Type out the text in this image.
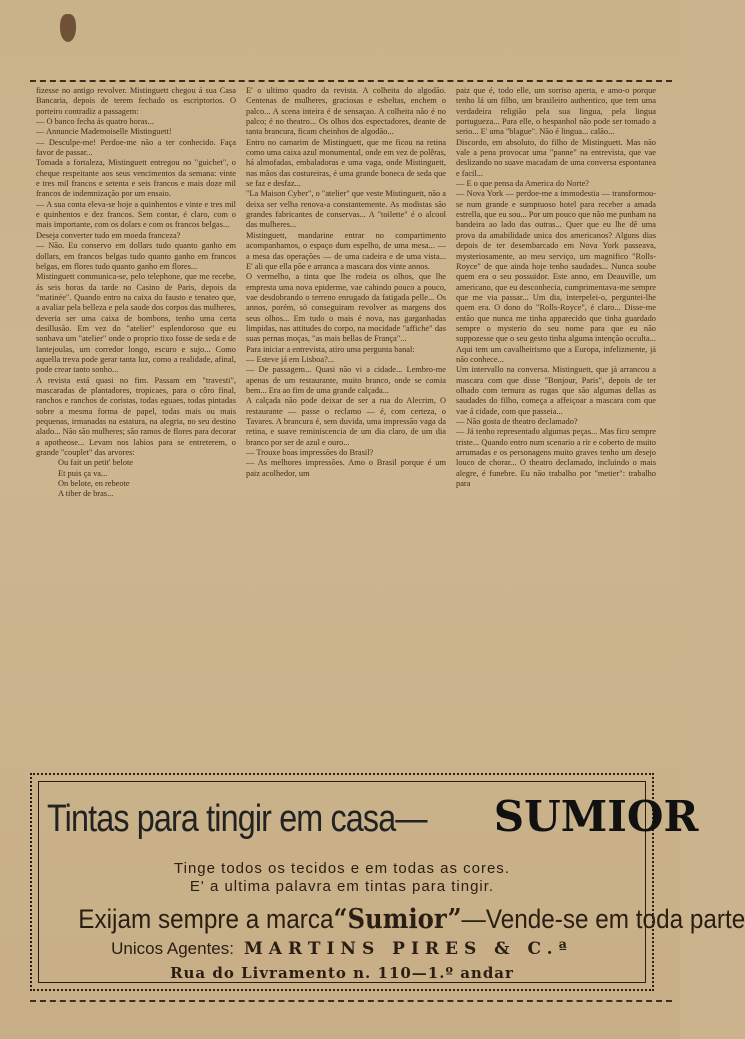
fizesse no antigo revolver. Mistinguett chegou á sua Casa Bancaria, depois de terem fechado os escriptorios. O porteiro contradiz a passagem:

— O banco fecha ás quatro horas...

— Annuncie Mademoiselle Mistinguett!

— Desculpe-me! Perdoe-me não a ter conhecido. Faça favor de passar...

Tomada a fortaleza, Mistinguett entregou no "guichet", o cheque respeitante aos seus vencimentos da semana: vinte e tres mil francos e setenta e seis francos e mais doze mil francos de indemnização por um ensaio.

— A sua conta eleva-se hoje a quinhentos e vinte e tres mil e quinhentos e dez francos. Sem contar, é claro, com o mais importante, com os dolars e com os francos belgas...

Deseja converter tudo em moeda franceza?

— Não. Eu conservo em dollars tudo quanto ganho em dollars, em francos belgas tudo quanto ganho em francos belgas, em flores tudo quanto ganho em flores...

Mistinguett communica-se, pelo telephone, que me recebe, ás seis horas da tarde no Casino de Paris, depois da "matinée". Quando entro na caixa do fausto e tenateo que, a avaliar pela belleza e pela saude dos corpos das mulheres, deveria ser uma caixa de bombons, tenho uma certa desillusão. Em vez do "atelier" esplendoroso que eu sonhava um "atelier" onde o proprio tixo fosse de seda e de lantejoulas, um corredor longo, escuro e sujo... Como aquella treva pode gerar tanta luz, como a realidade, afinal, pode crear tanto sonho...

A revista está quasi no fim. Passam em "travesti", mascaradas de plantadores, tropicaes, para o côro final, ranchos e ranchos de coristas, todas eguaes, todas pintadas sobre a mesma forma de papel, todas mais ou mais pequenas, irmanadas na estatura, na alegria, no seu destino alado... Não são mulheres; são ramos de flores para decorar a apotheose... Levam nos labios para se entreterem, o grande "couplet" das arvores:

Ou fait un petit' belote

Et puis ça va...

On belote, en rebeote

A tiber de bras...

E' o ultimo quadro da revista. A colheita do algodão. Centenas de mulheres, graciosas e esbeltas, enchem o palco... A scena inteira é de sensaçao. A colheita não é no palco; é no theatro... Os olhos dos espectadores, deante de tanta brancura, ficam cheinhos de algodão...

Entro no camarim de Mistinguett, que me ficou na retina como uma caixa azul monumental, onde em vez de polêras, há almofadas, embaladoras e uma vaga, onde Mistinguett, nas mãos das costureiras, é uma grande boneca de seda que se faz e desfaz...

"La Maison Cyber", o "atelier" que veste Mistinguett, não a deixa ser velha renova-a constantemente. As modistas são grandes fabricantes de conservas... A "toilette" é o alcool das mulheres...

Mistinguett, mandarine entrar no compartimento acompanhamos, o espaço dum espelho, de uma mesa... — a mesa das operações — de uma cadeira e de uma vista... E' ali que ella põe e arranca a mascara dos vinte annos.

O vermelho, a tinta que lhe rodeia os olhos, que lhe empresta uma nova epiderme, vae cahindo pouco a pouco, vae desdobrando o terreno enrugado da fatigada pelle... Os annos, porém, só conseguiram revolver as margens dos seus olhos... Em tudo o mais é nova, nas garganhadas limpidas, nas attitudes do corpo, na mocidade "affiche" das suas pernas moças, "as mais bellas de França"...

Para iniciar a entrevista, atiro uma pergunta banal:

— Esteve já em Lisboa?...

— De passagem... Quasi não vi a cidade... Lembro-me apenas de um restaurante, muito branco, onde se comia bem... Era ao fim de uma grande calçada...

A calçada não pode deixar de ser a rua do Alecrim, O restaurante — passe o reclamo — é, com certeza, o Tavares. A brancura é, sem duvida, uma impressão vaga da retina, e suave reminiscencia de um dia claro, de um dia branco por ser de azul e ouro...

— Trouxe boas impressões do Brasil?

— As melhores impressões. Amo o Brasil porque é um paiz acolhedor, um

paiz que é, todo elle, um sorriso aperta, e amo-o porque tenho lá um filho, um brasileiro authentico, que tem uma verdadeira religião pela sua lingua, pela lingua portugueza... Para elle, o hespanhol não pode ser tomado a serio... E' uma "blague". Não é lingua... calão...

Discordo, em absoluto, do filho de Mistinguett. Mas não vale a pena provocar uma "panne" na entrevista, que vae deslizando no suave macadam de uma conversa espontanea e facil...

— E o que pensa da America do Norte?

— Nova York — perdoe-me a immodestia — transformou-se num grande e sumptuoso hotel para receber a amada estrella, que eu sou... Por um pouco que não me punham na bandeira ao lado das outras... Quer que eu lhe dê uma prova da amabilidade unica dos americanos? Alguns dias depois de ter desembarcado em Nova York passeava, mysteriosamente, ao meu serviço, um magnifico "Rolls-Royce" de que ainda hoje tenho saudades... Nunca soube quem era o seu possuidor. Este anno, em Deauville, um americano, que eu desconhecia, cumprimentava-me sempre que me via passar... Um dia, interpelei-o, perguntei-lhe quem era. O dono do "Rolls-Royce", é claro... Disse-me então que nunca me tinha apparecido que tinha guardado sempre o mysterio do seu nome para que eu não suppozesse que o seu gesto tinha alguma intenção occulta... Aqui tem um cavalheirismo que a Europa, infelizmente, já não conhece...

Um intervallo na conversa. Mistinguett, que já arrancou a mascara com que disse "Bonjour, Paris", depois de ter olhado com ternura as rugas que são algumas dellas as saudades do filho, começa a affeiçoar a mascara com que vae á cidade, com que passeia...

— Não gosta de theatro declamado?

— Já tenho representado algumas peças... Mas fico sempre triste... Quando entro num scenario a rir e coberto de muito arrumadas e os personagens muito graves tenho um desejo louco de chorar... O theatro declamado, incluindo o mais alegre, é funebre. Eu não trabalho por "metier": trabalho para

Tintas para tingir em casa— SUMIOR
Tinge todos os tecidos e em todas as cores.
E' a ultima palavra em tintas para tingir.
Exijam sempre a marca “Sumior” — Vende-se em toda parte
Unicos Agentes: MARTINS PIRES & C.ª
Rua do Livramento n. 110—1.º andar
